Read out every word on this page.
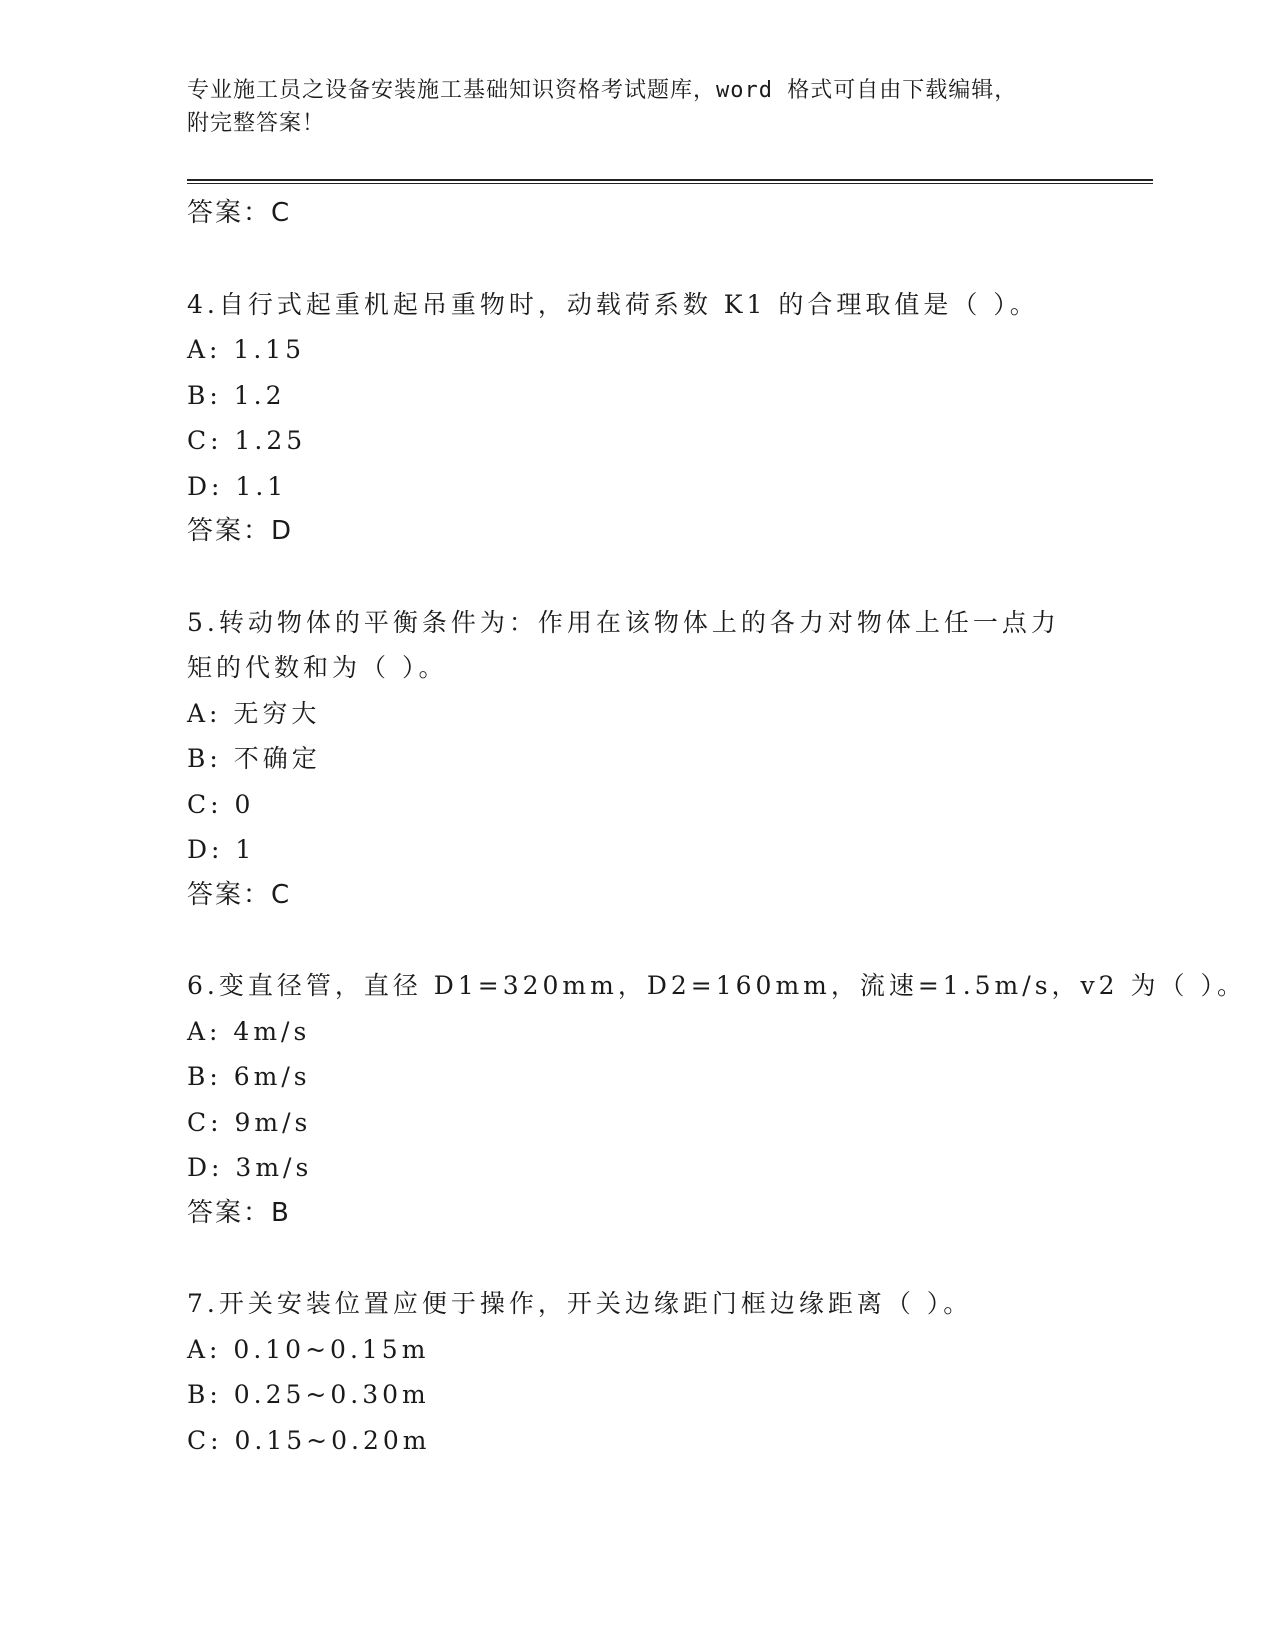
专业施工员之设备安装施工基础知识资格考试题库，word 格式可自由下载编辑，
附完整答案！
答案：C
4.自行式起重机起吊重物时，动载荷系数 K1 的合理取值是（ ）。
A: 1.15
B: 1.2
C: 1.25
D: 1.1
答案：D
5.转动物体的平衡条件为：作用在该物体上的各力对物体上任一点力
矩的代数和为（ ）。
A: 无穷大
B: 不确定
C: 0
D: 1
答案：C
6.变直径管，直径 D1=320mm，D2=160mm，流速=1.5m/s，v2 为（ ）。
A: 4m/s
B: 6m/s
C: 9m/s
D: 3m/s
答案：B
7.开关安装位置应便于操作，开关边缘距门框边缘距离（ ）。
A: 0.10~0.15m
B: 0.25~0.30m
C: 0.15~0.20m
